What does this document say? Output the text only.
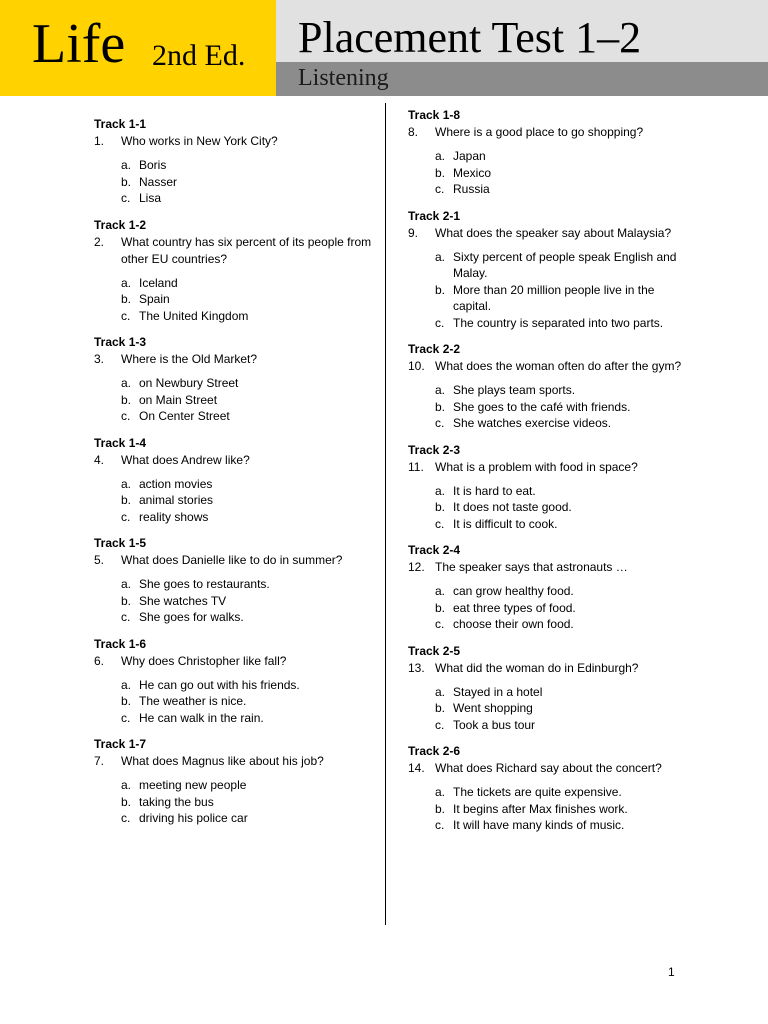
Life 2nd Ed. Placement Test 1–2
Listening
Track 1-1
1. Who works in New York City?
a. Boris
b. Nasser
c. Lisa
Track 1-2
2. What country has six percent of its people from other EU countries?
a. Iceland
b. Spain
c. The United Kingdom
Track 1-3
3. Where is the Old Market?
a. on Newbury Street
b. on Main Street
c. On Center Street
Track 1-4
4. What does Andrew like?
a. action movies
b. animal stories
c. reality shows
Track 1-5
5. What does Danielle like to do in summer?
a. She goes to restaurants.
b. She watches TV
c. She goes for walks.
Track 1-6
6. Why does Christopher like fall?
a. He can go out with his friends.
b. The weather is nice.
c. He can walk in the rain.
Track 1-7
7. What does Magnus like about his job?
a. meeting new people
b. taking the bus
c. driving his police car
Track 1-8
8. Where is a good place to go shopping?
a. Japan
b. Mexico
c. Russia
Track 2-1
9. What does the speaker say about Malaysia?
a. Sixty percent of people speak English and Malay.
b. More than 20 million people live in the capital.
c. The country is separated into two parts.
Track 2-2
10. What does the woman often do after the gym?
a. She plays team sports.
b. She goes to the café with friends.
c. She watches exercise videos.
Track 2-3
11. What is a problem with food in space?
a. It is hard to eat.
b. It does not taste good.
c. It is difficult to cook.
Track 2-4
12. The speaker says that astronauts …
a. can grow healthy food.
b. eat three types of food.
c. choose their own food.
Track 2-5
13. What did the woman do in Edinburgh?
a. Stayed in a hotel
b. Went shopping
c. Took a bus tour
Track 2-6
14. What does Richard say about the concert?
a. The tickets are quite expensive.
b. It begins after Max finishes work.
c. It will have many kinds of music.
1
